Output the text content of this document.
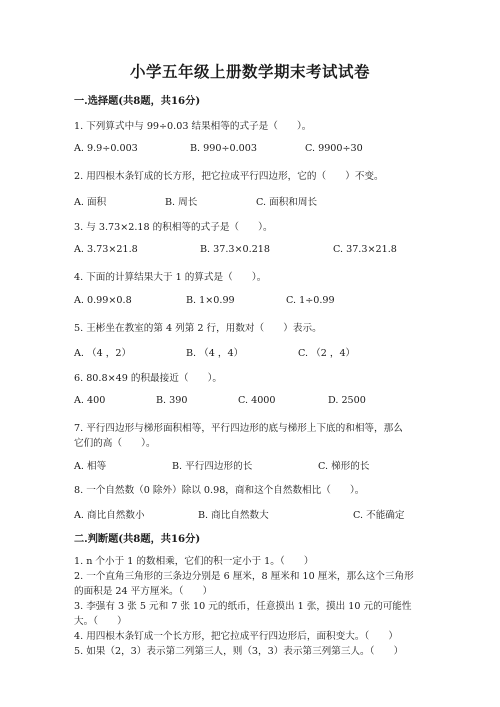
小学五年级上册数学期末考试试卷
一.选择题(共8题，共16分)
1. 下列算式中与 99÷0.03 结果相等的式子是（　　）。
A. 9.9÷0.003	B. 990÷0.003	C. 9900÷30
2. 用四根木条钉成的长方形，把它拉成平行四边形，它的（　　）不变。
A. 面积	B. 周长	C. 面积和周长
3. 与 3.73×2.18 的积相等的式子是（　　）。
A. 3.73×21.8	B. 37.3×0.218	C. 37.3×21.8
4. 下面的计算结果大于 1 的算式是（　　）。
A. 0.99×0.8	B. 1×0.99	C. 1÷0.99
5. 王彬坐在教室的第 4 列第 2 行，用数对（　　）表示。
A. （4 ，2）	B. （4 ，4）	C. （2 ，4）
6. 80.8×49 的积最接近（　　）。
A. 400	B. 390	C. 4000	D. 2500
7. 平行四边形与梯形面积相等，平行四边形的底与梯形上下底的和相等，那么
它们的高（　　）。
A. 相等	B. 平行四边形的长	C. 梯形的长
8. 一个自然数（0 除外）除以 0.98，商和这个自然数相比（　　）。
A. 商比自然数小	B. 商比自然数大	C. 不能确定
二.判断题(共8题，共16分)
1. n 个小于 1 的数相乘，它们的积一定小于 1。（　　）
2. 一个直角三角形的三条边分别是 6 厘米，8 厘米和 10 厘米，那么这个三角形
的面积是 24 平方厘米。（　　）
3. 李强有 3 张 5 元和 7 张 10 元的纸币，任意摸出 1 张，摸出 10 元的可能性
大。（　　）
4. 用四根木条钉成一个长方形，把它拉成平行四边形后，面积变大。（　　）
5. 如果（2，3）表示第二列第三人，则（3，3）表示第三列第三人。（　　）
